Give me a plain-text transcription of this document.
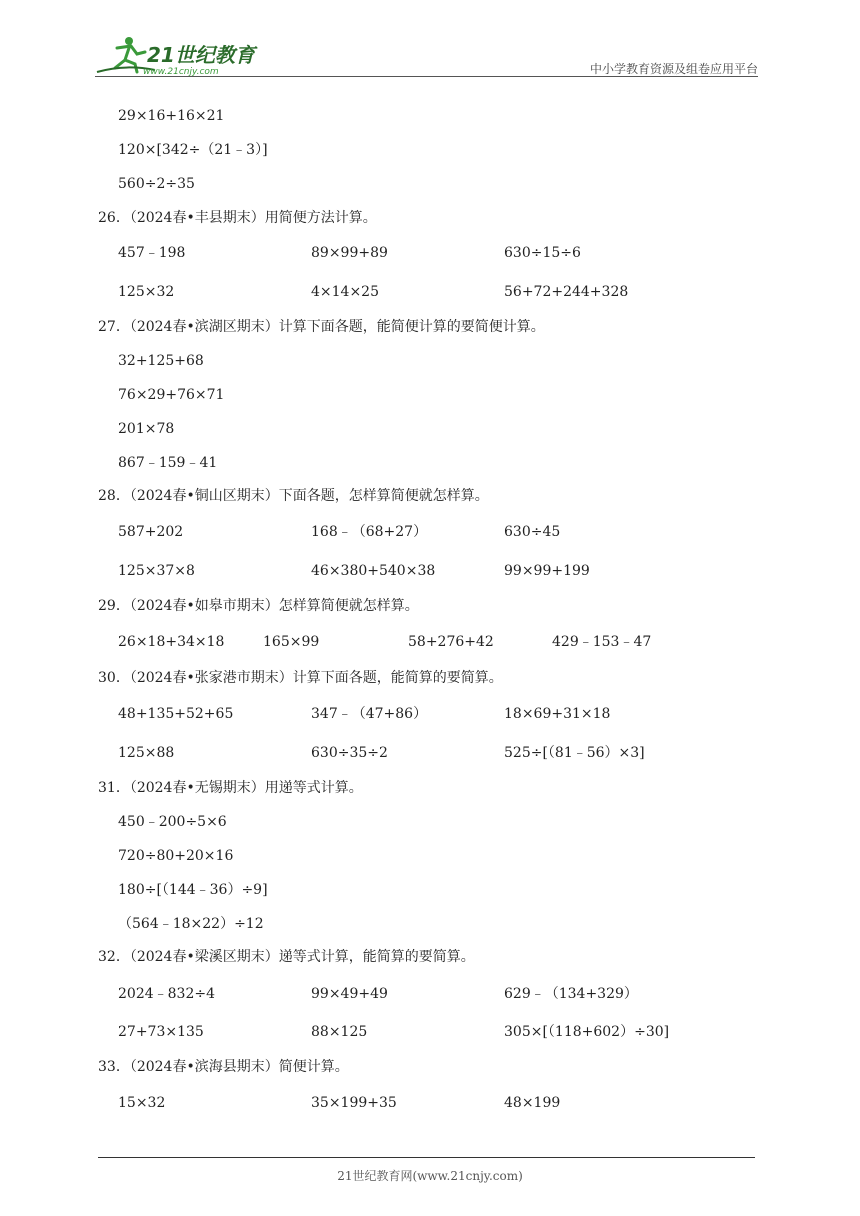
21世纪教育
www.21cnjy.com	中小学教育资源及组卷应用平台
29×16+16×21
120×[342÷（21﹣3）]
560÷2÷35
26．（2024春•丰县期末）用简便方法计算。
457﹣198	89×99+89	630÷15÷6
125×32	4×14×25	56+72+244+328
27．（2024春•滨湖区期末）计算下面各题，能简便计算的要简便计算。
32+125+68
76×29+76×71
201×78
867﹣159﹣41
28．（2024春•铜山区期末）下面各题，怎样算简便就怎样算。
587+202	168﹣（68+27）	630÷45
125×37×8	46×380+540×38	99×99+199
29．（2024春•如皋市期末）怎样算简便就怎样算。
26×18+34×18	165×99	58+276+42	429﹣153﹣47
30．（2024春•张家港市期末）计算下面各题，能简算的要简算。
48+135+52+65	347﹣（47+86）	18×69+31×18
125×88	630÷35÷2	525÷[（81﹣56）×3]
31．（2024春•无锡期末）用递等式计算。
450﹣200÷5×6
720÷80+20×16
180÷[（144﹣36）÷9]
（564﹣18×22）÷12
32．（2024春•梁溪区期末）递等式计算，能简算的要简算。
2024﹣832÷4	99×49+49	629﹣（134+329）
27+73×135	88×125	305×[（118+602）÷30]
33．（2024春•滨海县期末）简便计算。
15×32	35×199+35	48×199
21世纪教育网(www.21cnjy.com)
